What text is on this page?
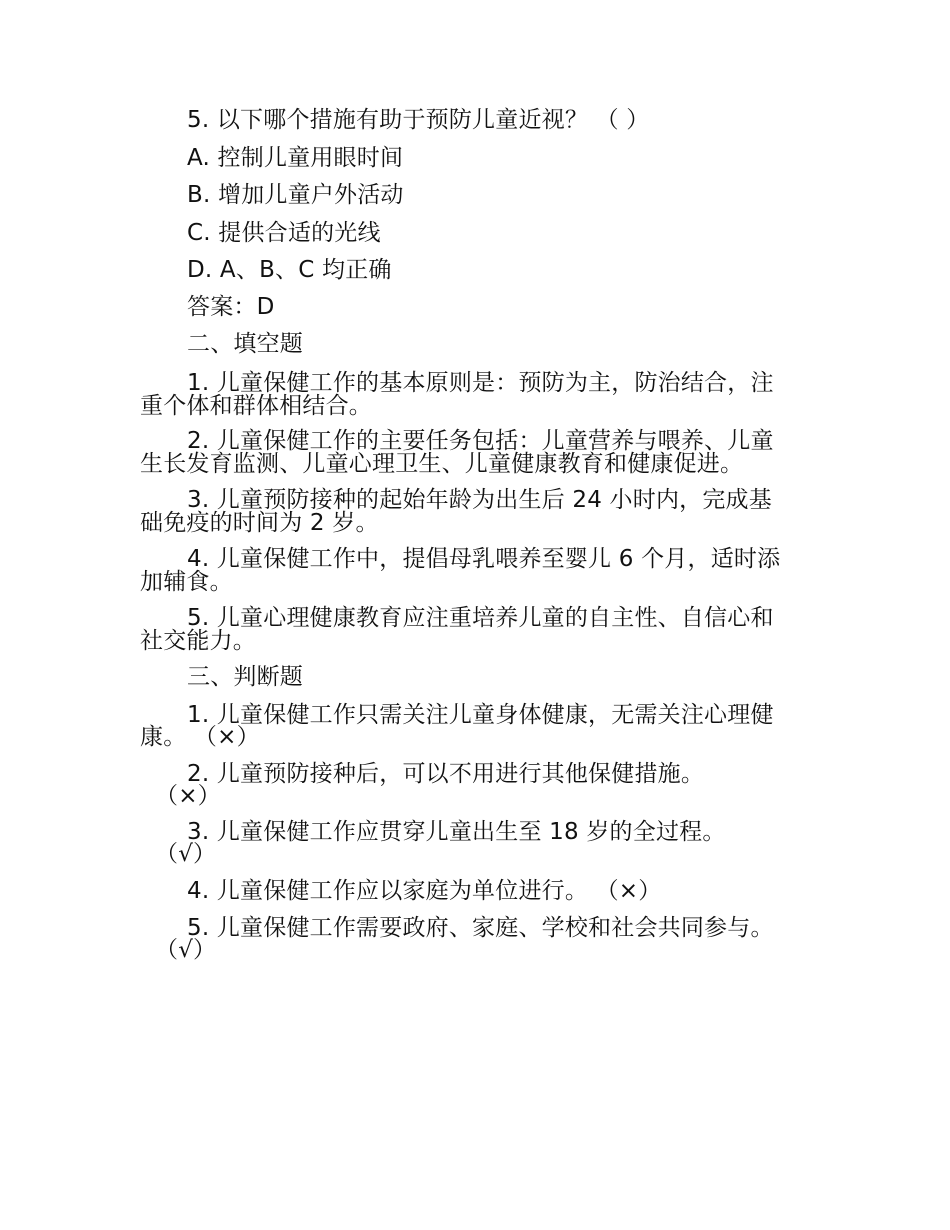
5. 以下哪个措施有助于预防儿童近视？ （ ）
A. 控制儿童用眼时间
B. 增加儿童户外活动
C. 提供合适的光线
D. A、B、C 均正确
答案：D
二、填空题
1. 儿童保健工作的基本原则是：预防为主，防治结合，注
重个体和群体相结合。
2. 儿童保健工作的主要任务包括：儿童营养与喂养、儿童
生长发育监测、儿童心理卫生、儿童健康教育和健康促进。
3. 儿童预防接种的起始年龄为出生后 24 小时内，完成基
础免疫的时间为 2 岁。
4. 儿童保健工作中，提倡母乳喂养至婴儿 6 个月，适时添
加辅食。
5. 儿童心理健康教育应注重培养儿童的自主性、自信心和
社交能力。
三、判断题
1. 儿童保健工作只需关注儿童身体健康，无需关注心理健
康。 （×）
2. 儿童预防接种后，可以不用进行其他保健措施。
（×）
3. 儿童保健工作应贯穿儿童出生至 18 岁的全过程。
（√）
4. 儿童保健工作应以家庭为单位进行。 （×）
5. 儿童保健工作需要政府、家庭、学校和社会共同参与。
（√）
